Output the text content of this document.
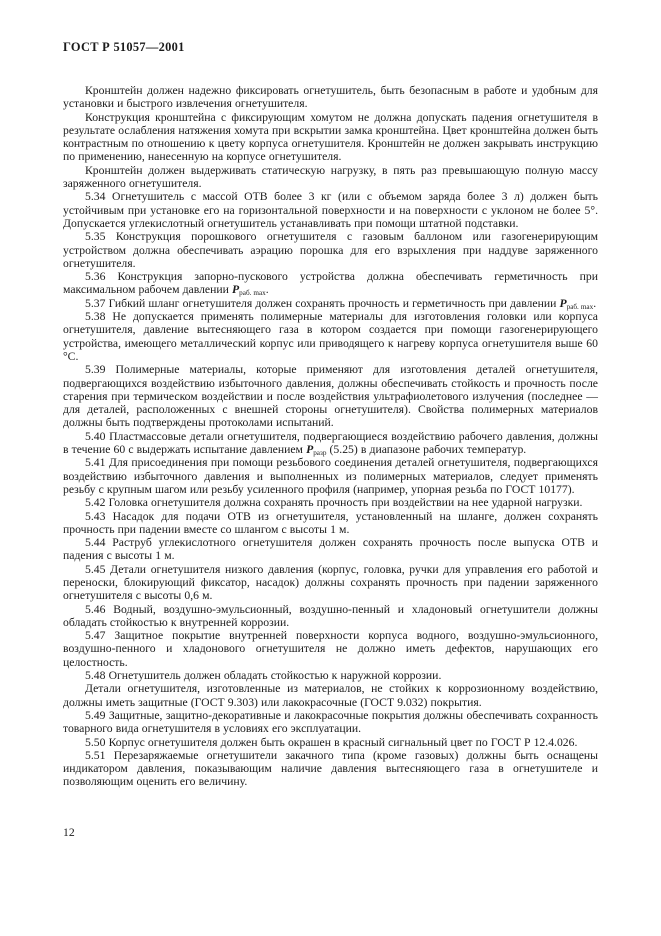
ГОСТ Р 51057—2001

Кронштейн должен надежно фиксировать огнетушитель, быть безопасным в работе и удобным для установки и быстрого извлечения огнетушителя.

Конструкция кронштейна с фиксирующим хомутом не должна допускать падения огнетушителя в результате ослабления натяжения хомута при вскрытии замка кронштейна. Цвет кронштейна должен быть контрастным по отношению к цвету корпуса огнетушителя. Кронштейн не должен закрывать инструкцию по применению, нанесенную на корпусе огнетушителя.

Кронштейн должен выдерживать статическую нагрузку, в пять раз превышающую полную массу заряженного огнетушителя.

5.34 Огнетушитель с массой ОТВ более 3 кг (или с объемом заряда более 3 л) должен быть устойчивым при установке его на горизонтальной поверхности и на поверхности с уклоном не более 5°. Допускается углекислотный огнетушитель устанавливать при помощи штатной подставки.

5.35 Конструкция порошкового огнетушителя с газовым баллоном или газогенерирующим устройством должна обеспечивать аэрацию порошка для его взрыхления при наддуве заряженного огнетушителя.

5.36 Конструкция запорно-пускового устройства должна обеспечивать герметичность при максимальном рабочем давлении $P_{раб. max}$.

5.37 Гибкий шланг огнетушителя должен сохранять прочность и герметичность при давлении $P_{раб. max}$.

5.38 Не допускается применять полимерные материалы для изготовления головки или корпуса огнетушителя, давление вытесняющего газа в котором создается при помощи газогенерирующего устройства, имеющего металлический корпус или приводящего к нагреву корпуса огнетушителя выше 60 °С.

5.39 Полимерные материалы, которые применяют для изготовления деталей огнетушителя, подвергающихся воздействию избыточного давления, должны обеспечивать стойкость и прочность после старения при термическом воздействии и после воздействия ультрафиолетового излучения (последнее — для деталей, расположенных с внешней стороны огнетушителя). Свойства полимерных материалов должны быть подтверждены протоколами испытаний.

5.40 Пластмассовые детали огнетушителя, подвергающиеся воздействию рабочего давления, должны в течение 60 с выдержать испытание давлением $P_{разр}$ (5.25) в диапазоне рабочих температур.

5.41 Для присоединения при помощи резьбового соединения деталей огнетушителя, подвергающихся воздействию избыточного давления и выполненных из полимерных материалов, следует применять резьбу с крупным шагом или резьбу усиленного профиля (например, упорная резьба по ГОСТ 10177).

5.42 Головка огнетушителя должна сохранять прочность при воздействии на нее ударной нагрузки.

5.43 Насадок для подачи ОТВ из огнетушителя, установленный на шланге, должен сохранять прочность при падении вместе со шлангом с высоты 1 м.

5.44 Раструб углекислотного огнетушителя должен сохранять прочность после выпуска ОТВ и падения с высоты 1 м.

5.45 Детали огнетушителя низкого давления (корпус, головка, ручки для управления его работой и переноски, блокирующий фиксатор, насадок) должны сохранять прочность при падении заряженного огнетушителя с высоты 0,6 м.

5.46 Водный, воздушно-эмульсионный, воздушно-пенный и хладоновый огнетушители должны обладать стойкостью к внутренней коррозии.

5.47 Защитное покрытие внутренней поверхности корпуса водного, воздушно-эмульсионного, воздушно-пенного и хладонового огнетушителя не должно иметь дефектов, нарушающих его целостность.

5.48 Огнетушитель должен обладать стойкостью к наружной коррозии.

Детали огнетушителя, изготовленные из материалов, не стойких к коррозионному воздействию, должны иметь защитные (ГОСТ 9.303) или лакокрасочные (ГОСТ 9.032) покрытия.

5.49 Защитные, защитно-декоративные и лакокрасочные покрытия должны обеспечивать сохранность товарного вида огнетушителя в условиях его эксплуатации.

5.50 Корпус огнетушителя должен быть окрашен в красный сигнальный цвет по ГОСТ Р 12.4.026.

5.51 Перезаряжаемые огнетушители закачного типа (кроме газовых) должны быть оснащены индикатором давления, показывающим наличие давления вытесняющего газа в огнетушителе и позволяющим оценить его величину.

12
